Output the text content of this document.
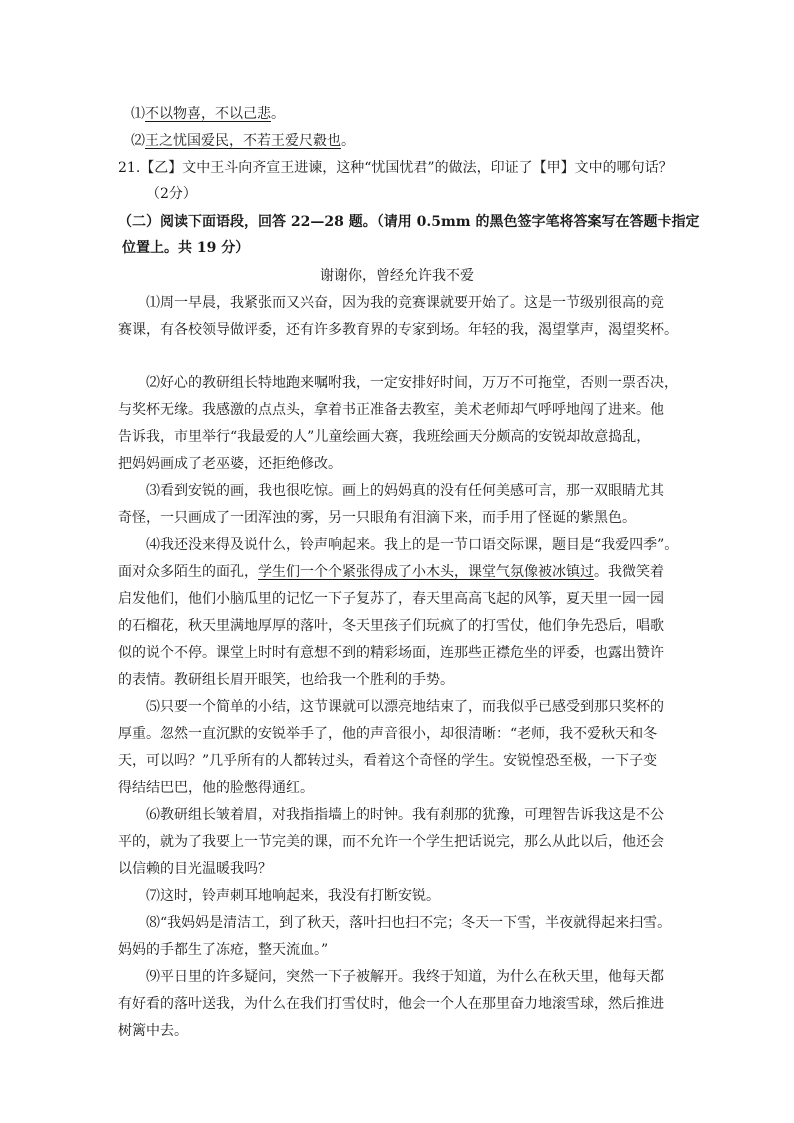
⑴不以物喜，不以己悲。
⑵王之忧国爱民，不若王爱尺縠也。
21.【乙】文中王斗向齐宣王进谏，这种“忧国忧君”的做法，印证了【甲】文中的哪句话？
（2分）
（二）阅读下面语段，回答 22—28 题。（请用 0.5mm 的黑色签字笔将答案写在答题卡指定
位置上。共 19 分）
谢谢你，曾经允许我不爱
⑴周一早晨，我紧张而又兴奋，因为我的竞赛课就要开始了。这是一节级别很高的竞
赛课，有各校领导做评委，还有许多教育界的专家到场。年轻的我，渴望掌声，渴望奖杯。
⑵好心的教研组长特地跑来嘱咐我，一定安排好时间，万万不可拖堂，否则一票否决，
与奖杯无缘。我感激的点点头，拿着书正准备去教室，美术老师却气呼呼地闯了进来。他
告诉我，市里举行“我最爱的人”儿童绘画大赛，我班绘画天分颇高的安锐却故意捣乱，
把妈妈画成了老巫婆，还拒绝修改。
⑶看到安锐的画，我也很吃惊。画上的妈妈真的没有任何美感可言，那一双眼睛尤其
奇怪，一只画成了一团浑浊的雾，另一只眼角有泪滴下来，而手用了怪诞的紫黑色。
⑷我还没来得及说什么，铃声响起来。我上的是一节口语交际课，题目是“我爱四季”。
面对众多陌生的面孔，学生们一个个紧张得成了小木头，课堂气氛像被冰镇过。我微笑着
启发他们，他们小脑瓜里的记忆一下子复苏了，春天里高高飞起的风筝，夏天里一园一园
的石榴花，秋天里满地厚厚的落叶，冬天里孩子们玩疯了的打雪仗，他们争先恐后，唱歌
似的说个不停。课堂上时时有意想不到的精彩场面，连那些正襟危坐的评委，也露出赞许
的表情。教研组长眉开眼笑，也给我一个胜利的手势。
⑸只要一个简单的小结，这节课就可以漂亮地结束了，而我似乎已感受到那只奖杯的
厚重。忽然一直沉默的安锐举手了，他的声音很小，却很清晰：“老师，我不爱秋天和冬
天，可以吗？”几乎所有的人都转过头，看着这个奇怪的学生。安锐惶恐至极，一下子变
得结结巴巴，他的脸憋得通红。
⑹教研组长皱着眉，对我指指墙上的时钟。我有刹那的犹豫，可理智告诉我这是不公
平的，就为了我要上一节完美的课，而不允许一个学生把话说完，那么从此以后，他还会
以信赖的目光温暖我吗？
⑺这时，铃声刺耳地响起来，我没有打断安锐。
⑻“我妈妈是清洁工，到了秋天，落叶扫也扫不完；冬天一下雪，半夜就得起来扫雪。
妈妈的手都生了冻疮，整天流血。”
⑼平日里的许多疑问，突然一下子被解开。我终于知道，为什么在秋天里，他每天都
有好看的落叶送我，为什么在我们打雪仗时，他会一个人在那里奋力地滚雪球，然后推进
树篱中去。
